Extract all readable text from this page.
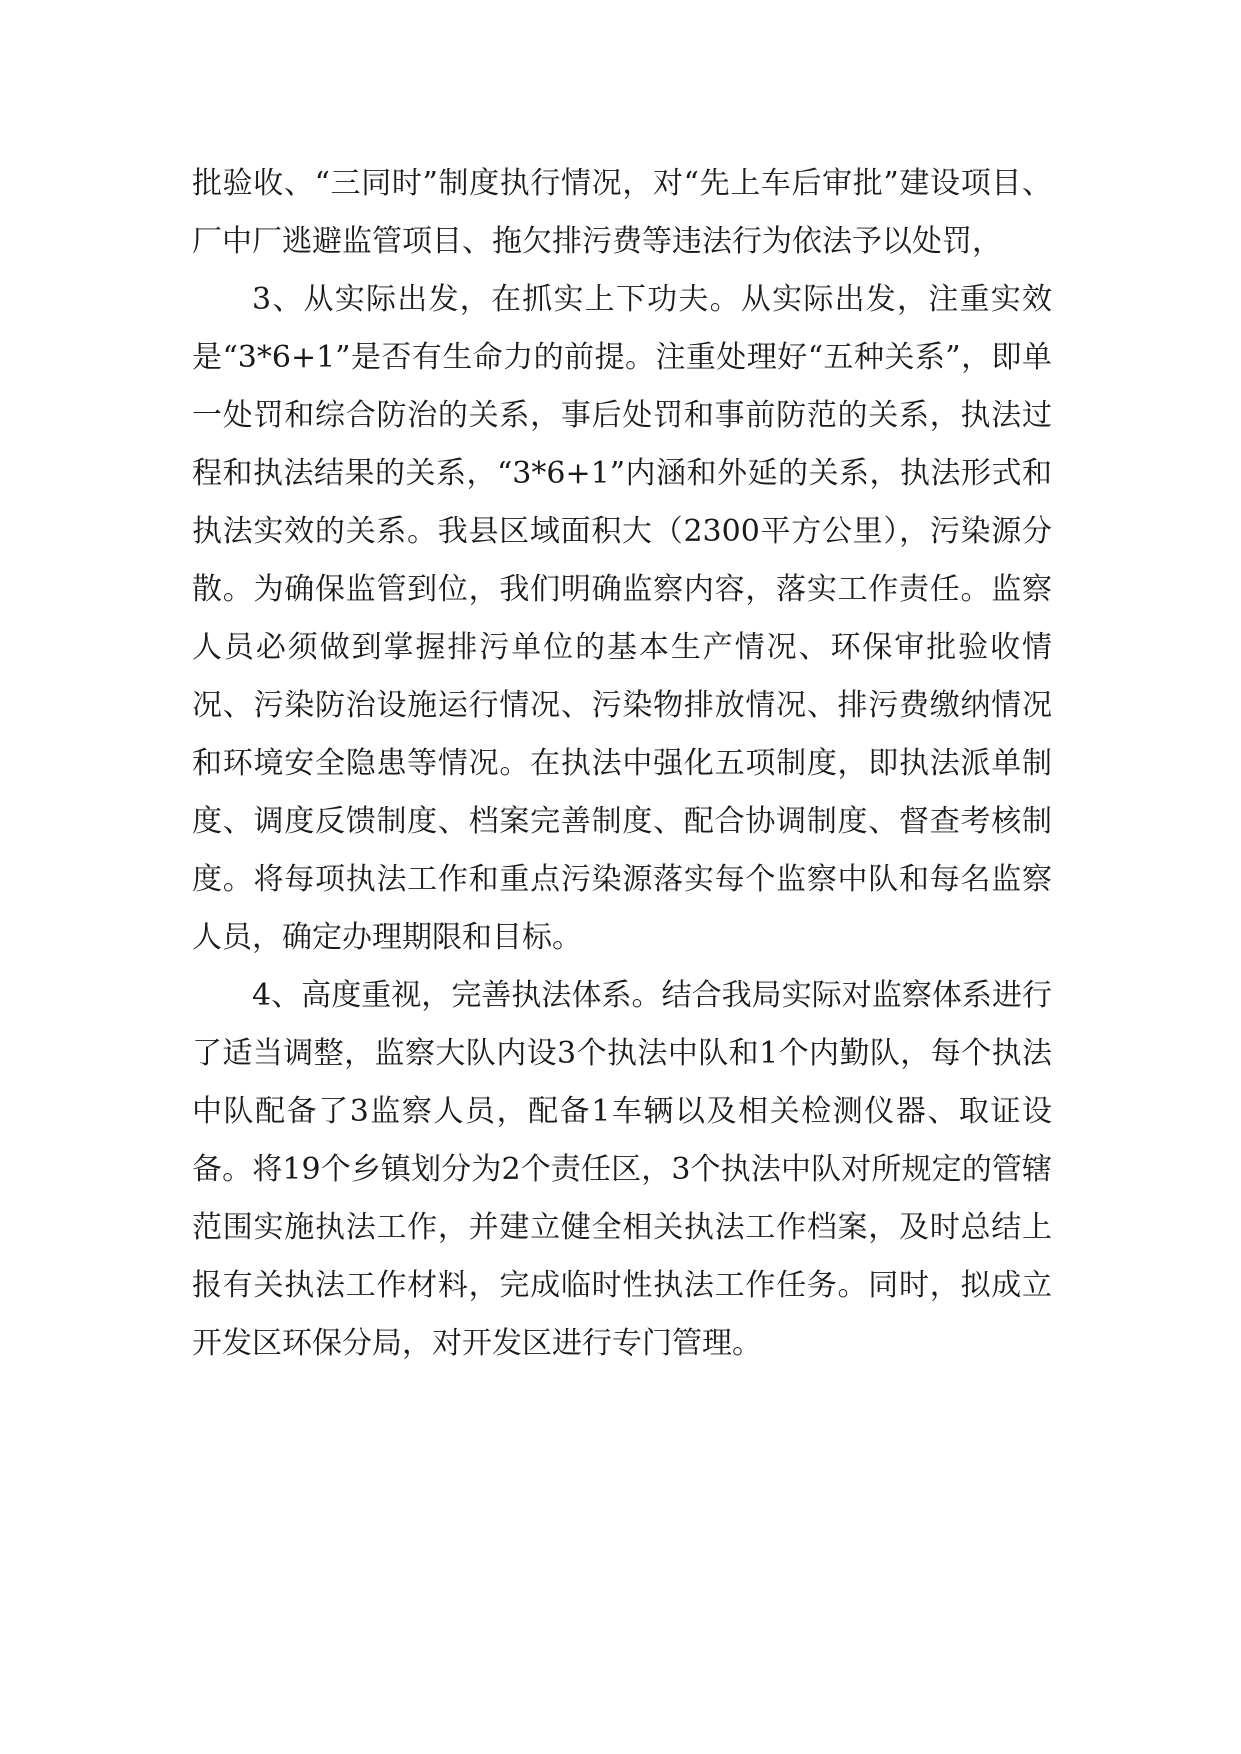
批验收、“三同时”制度执行情况，对“先上车后审批”建设项目、厂中厂逃避监管项目、拖欠排污费等违法行为依法予以处罚，

3、从实际出发，在抓实上下功夫。从实际出发，注重实效是“3*6+1”是否有生命力的前提。注重处理好“五种关系”，即单一处罚和综合防治的关系，事后处罚和事前防范的关系，执法过程和执法结果的关系，“3*6+1”内涵和外延的关系，执法形式和执法实效的关系。我县区域面积大（2300平方公里），污染源分散。为确保监管到位，我们明确监察内容，落实工作责任。监察人员必须做到掌握排污单位的基本生产情况、环保审批验收情况、污染防治设施运行情况、污染物排放情况、排污费缴纳情况和环境安全隐患等情况。在执法中强化五项制度，即执法派单制度、调度反馈制度、档案完善制度、配合协调制度、督查考核制度。将每项执法工作和重点污染源落实每个监察中队和每名监察人员，确定办理期限和目标。

4、高度重视，完善执法体系。结合我局实际对监察体系进行了适当调整，监察大队内设3个执法中队和1个内勤队，每个执法中队配备了3监察人员，配备1车辆以及相关检测仪器、取证设备。将19个乡镇划分为2个责任区，3个执法中队对所规定的管辖范围实施执法工作，并建立健全相关执法工作档案，及时总结上报有关执法工作材料，完成临时性执法工作任务。同时，拟成立开发区环保分局，对开发区进行专门管理。
